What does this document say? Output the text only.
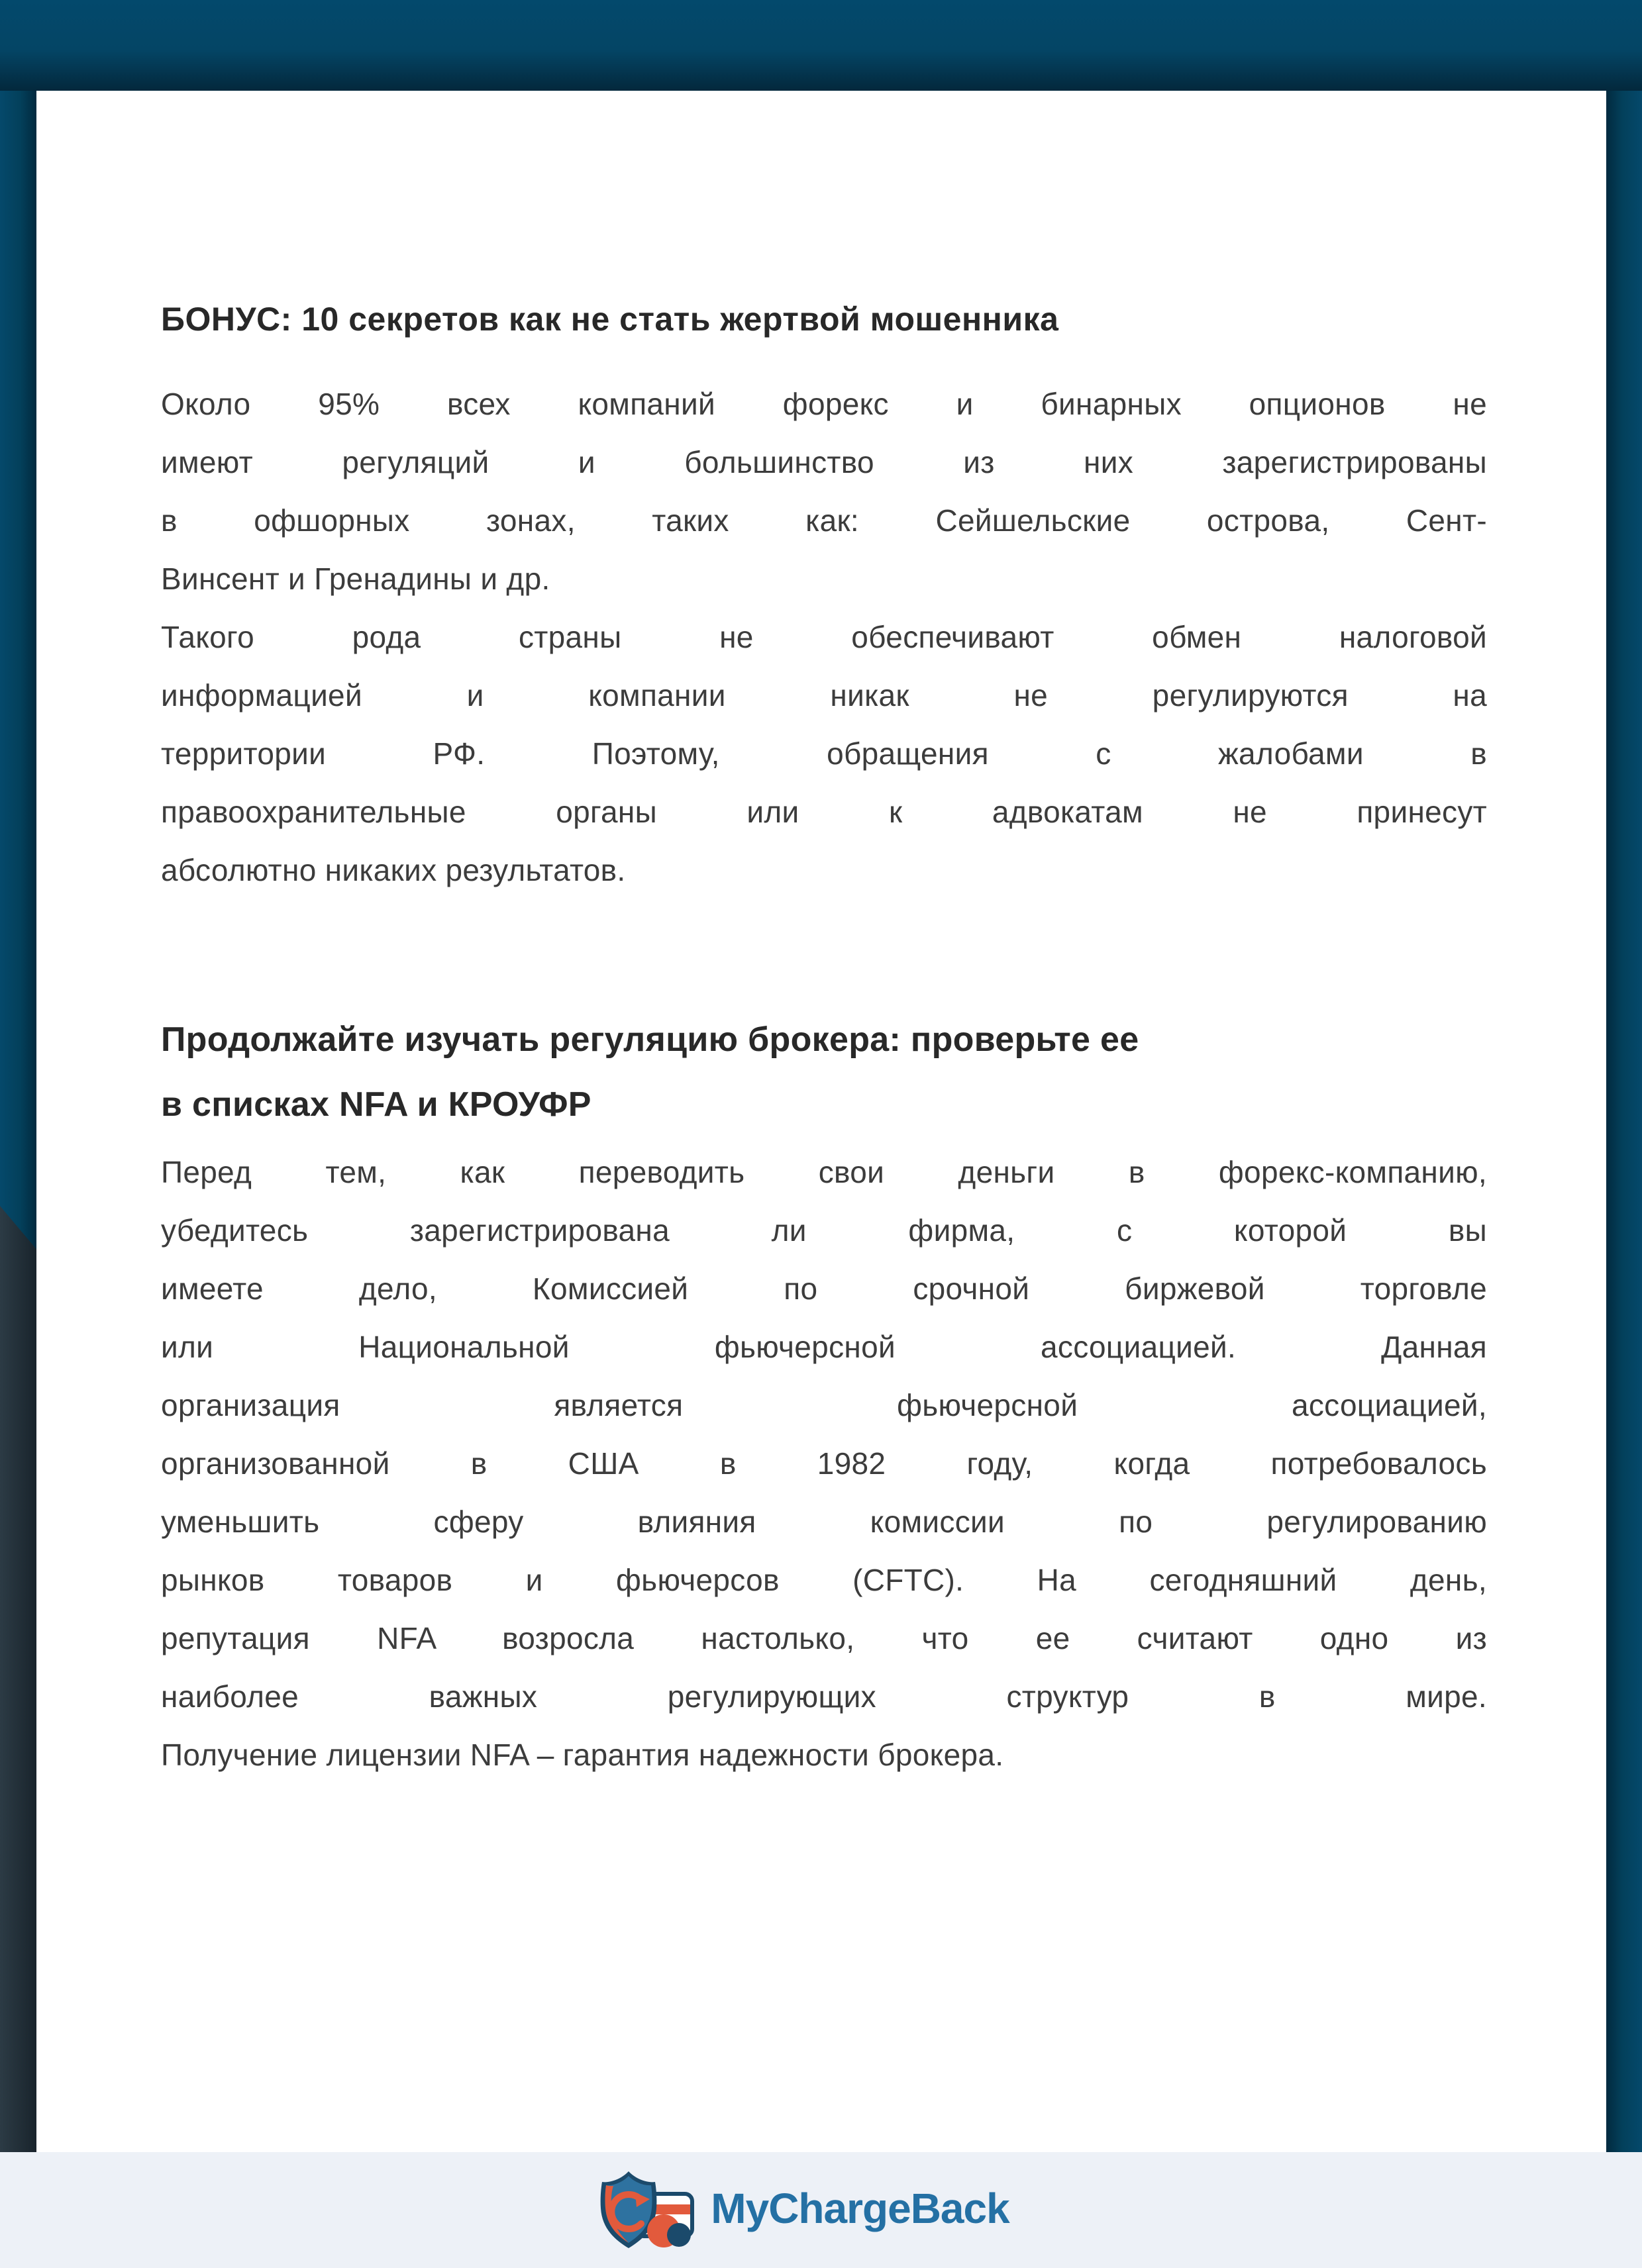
БОНУС: 10 секретов как не стать жертвой мошенника
Около 95% всех компаний форекс и бинарных опционов не
имеют регуляций и большинство из них зарегистрированы
в офшорных зонах, таких как: Сейшельские острова, Сент-
Винсент и Гренадины и др.
Такого рода страны не обеспечивают обмен налоговой
информацией и компании никак не регулируются на
территории РФ. Поэтому, обращения с жалобами в
правоохранительные органы или к адвокатам не принесут
абсолютно никаких результатов.
Продолжайте изучать регуляцию брокера: проверьте ее
в списках NFA и КРОУФР
Перед тем, как переводить свои деньги в форекс-компанию,
убедитесь зарегистрирована ли фирма, с которой вы
имеете дело, Комиссией по срочной биржевой торговле
или Национальной фьючерсной ассоциацией. Данная
организация является фьючерсной ассоциацией,
организованной в США в 1982 году, когда потребовалось
уменьшить сферу влияния комиссии по регулированию
рынков товаров и фьючерсов (CFTC). На сегодняшний день,
репутация NFA возросла настолько, что ее считают одно из
наиболее важных регулирующих структур в мире.
Получение лицензии NFA – гарантия надежности брокера.
MyChargeBack
